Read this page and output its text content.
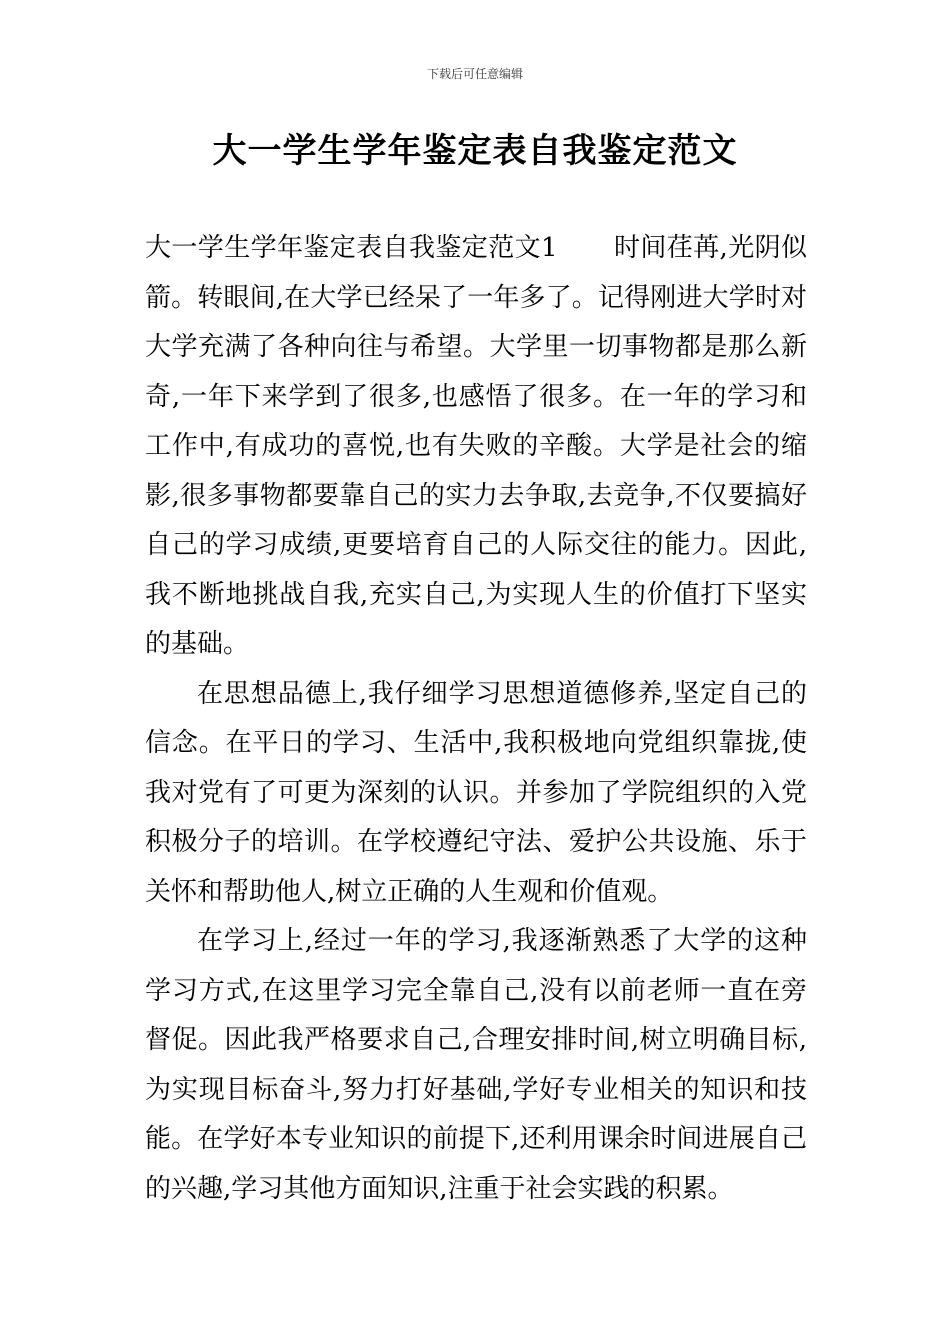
下载后可任意编辑
大一学生学年鉴定表自我鉴定范文

大一学生学年鉴定表自我鉴定范文1 时间荏苒,光阴似箭。转眼间,在大学已经呆了一年多了。记得刚进大学时对大学充满了各种向往与希望。大学里一切事物都是那么新奇,一年下来学到了很多,也感悟了很多。在一年的学习和工作中,有成功的喜悦,也有失败的辛酸。大学是社会的缩影,很多事物都要靠自己的实力去争取,去竞争,不仅要搞好自己的学习成绩,更要培育自己的人际交往的能力。因此,我不断地挑战自我,充实自己,为实现人生的价值打下坚实的基础。

在思想品德上,我仔细学习思想道德修养,坚定自己的信念。在平日的学习、生活中,我积极地向党组织靠拢,使我对党有了可更为深刻的认识。并参加了学院组织的入党积极分子的培训。在学校遵纪守法、爱护公共设施、乐于关怀和帮助他人,树立正确的人生观和价值观。

在学习上,经过一年的学习,我逐渐熟悉了大学的这种学习方式,在这里学习完全靠自己,没有以前老师一直在旁督促。因此我严格要求自己,合理安排时间,树立明确目标,为实现目标奋斗,努力打好基础,学好专业相关的知识和技能。在学好本专业知识的前提下,还利用课余时间进展自己的兴趣,学习其他方面知识,注重于社会实践的积累。
